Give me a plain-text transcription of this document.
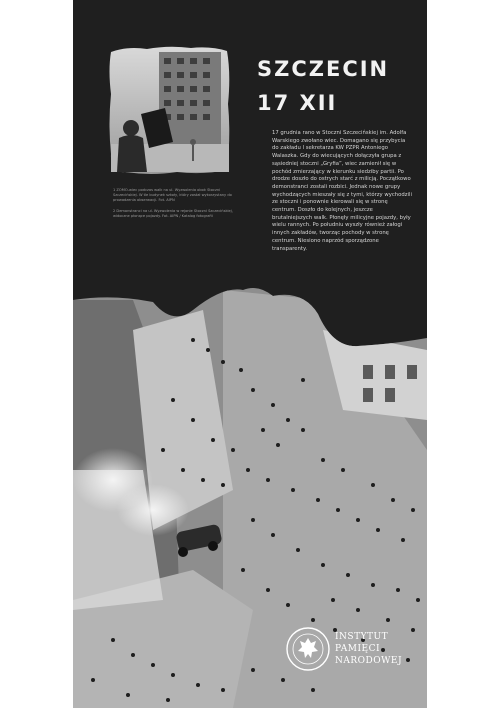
SZCZECIN
17 XII

17 grudnia rano w Stoczni Szczecińskiej im. Adolfa Warskiego zwołano wiec. Domagano się przybycia do zakładu I sekretarza KW PZPR Antoniego Walaszka. Gdy do wiecujących dołączyła grupa z sąsiedniej stoczni „Gryfia”, wiec zamienił się w pochód zmierzający w kierunku siedziby partii. Po drodze doszło do ostrych starć z milicją. Początkowo demonstranci zostali rozbici. Jednak nowe grupy wychodzących mieszały się z tymi, którzy wychodzili ze stoczni i ponownie kierowali się w stronę centrum. Doszło do kolejnych, jeszcze brutalniejszych walk. Płonęły milicyjne pojazdy, były wielu rannych. Po południu wyszły również załogi innych zakładów, tworząc pochody w stronę centrum. Niesiono naprzód sporządzone transparenty.

1 ZOMO-wiec podczas walk na ul. Wyzwolenia obok Stoczni Szczecińskiej. W tle budynek szkoły, który został wykorzystany do prowadzenia obserwacji. Fot. AIPN
2 Demonstranci na ul. Wyzwolenia w rejonie Stoczni Szczecińskiej, widoczne płonące pojazdy. Fot. AIPN / Katalog fotografii
INSTYTUT
PAMIĘCI
NARODOWEJ
